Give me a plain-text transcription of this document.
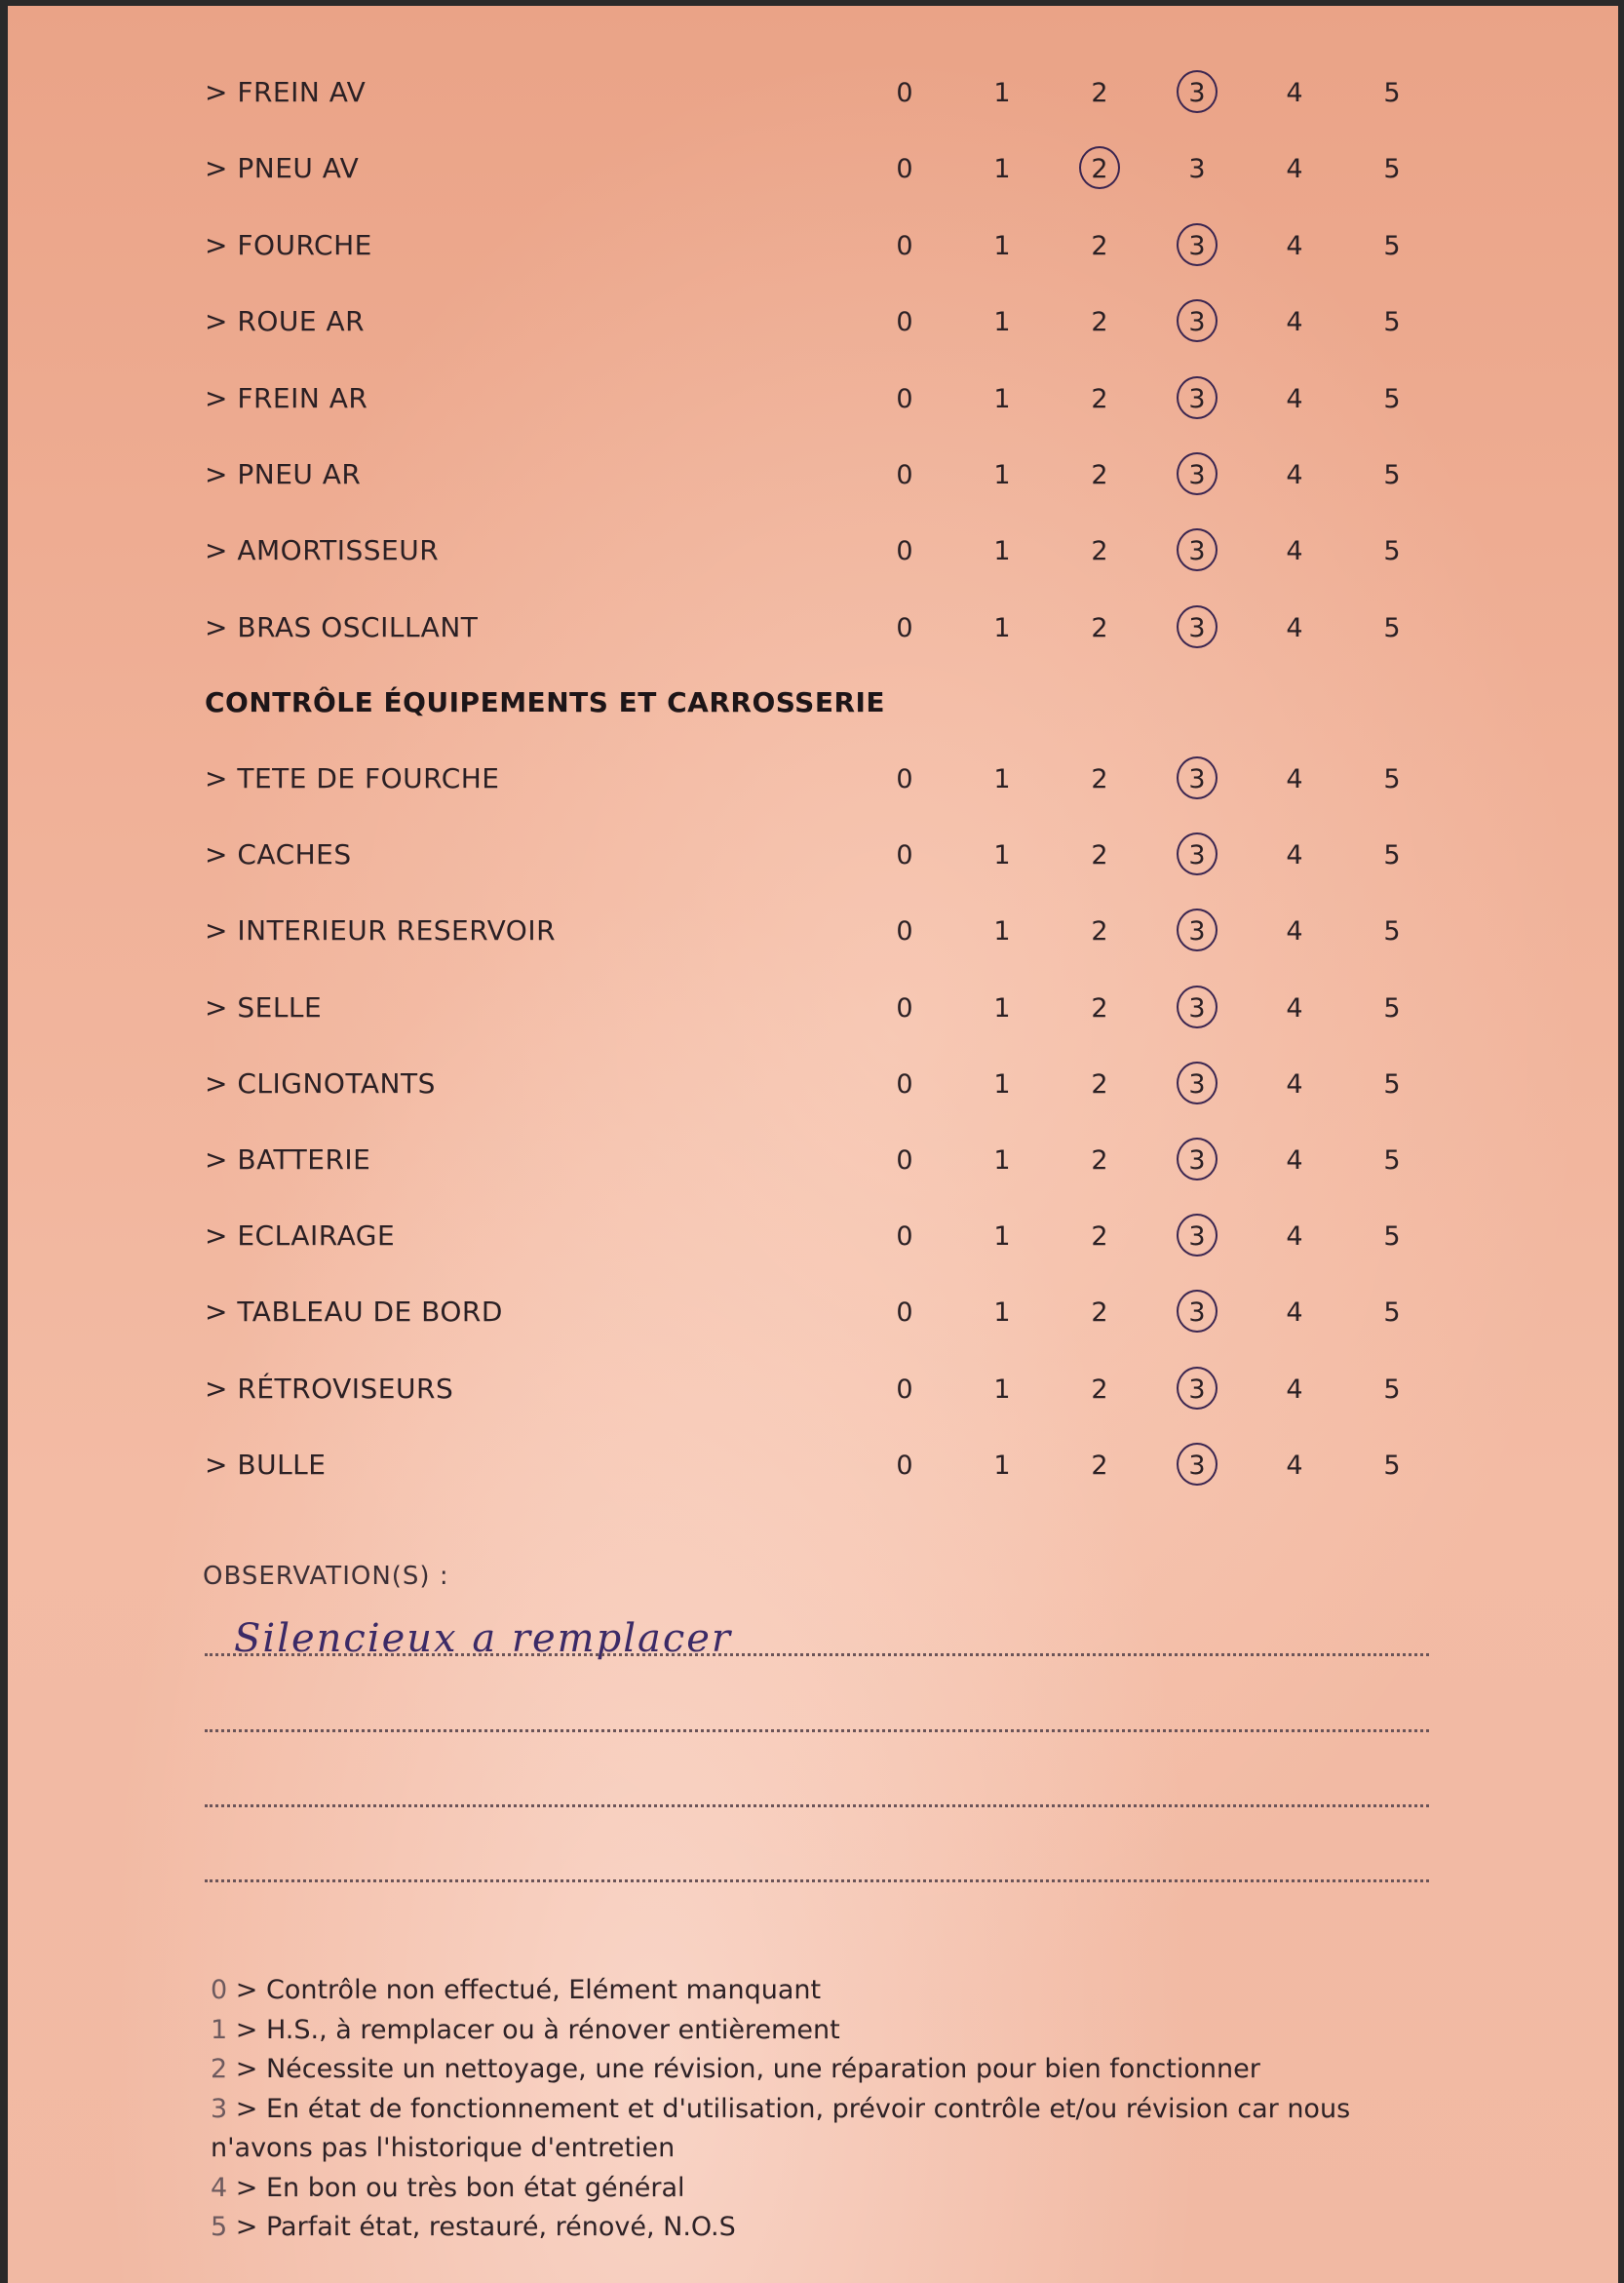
> FREIN AV	0	1	2	3	4	5
> PNEU AV	0	1	2	3	4	5
> FOURCHE	0	1	2	3	4	5
> ROUE AR	0	1	2	3	4	5
> FREIN AR	0	1	2	3	4	5
> PNEU AR	0	1	2	3	4	5
> AMORTISSEUR	0	1	2	3	4	5
> BRAS OSCILLANT	0	1	2	3	4	5
> TETE DE FOURCHE	0	1	2	3	4	5
> CACHES	0	1	2	3	4	5
> INTERIEUR RESERVOIR	0	1	2	3	4	5
> SELLE	0	1	2	3	4	5
> CLIGNOTANTS	0	1	2	3	4	5
> BATTERIE	0	1	2	3	4	5
> ECLAIRAGE	0	1	2	3	4	5
> TABLEAU DE BORD	0	1	2	3	4	5
> RÉTROVISEURS	0	1	2	3	4	5
> BULLE	0	1	2	3	4	5
CONTRÔLE ÉQUIPEMENTS ET CARROSSERIE
OBSERVATION(S) :
Silencieux a remplacer
0 > Contrôle non effectué, Elément manquant
1 > H.S., à remplacer ou à rénover entièrement
2 > Nécessite un nettoyage, une révision, une réparation pour bien fonctionner
3 > En état de fonctionnement et d'utilisation, prévoir contrôle et/ou révision car nous
n'avons pas l'historique d'entretien
4 > En bon ou très bon état général
5 > Parfait état, restauré, rénové, N.O.S
